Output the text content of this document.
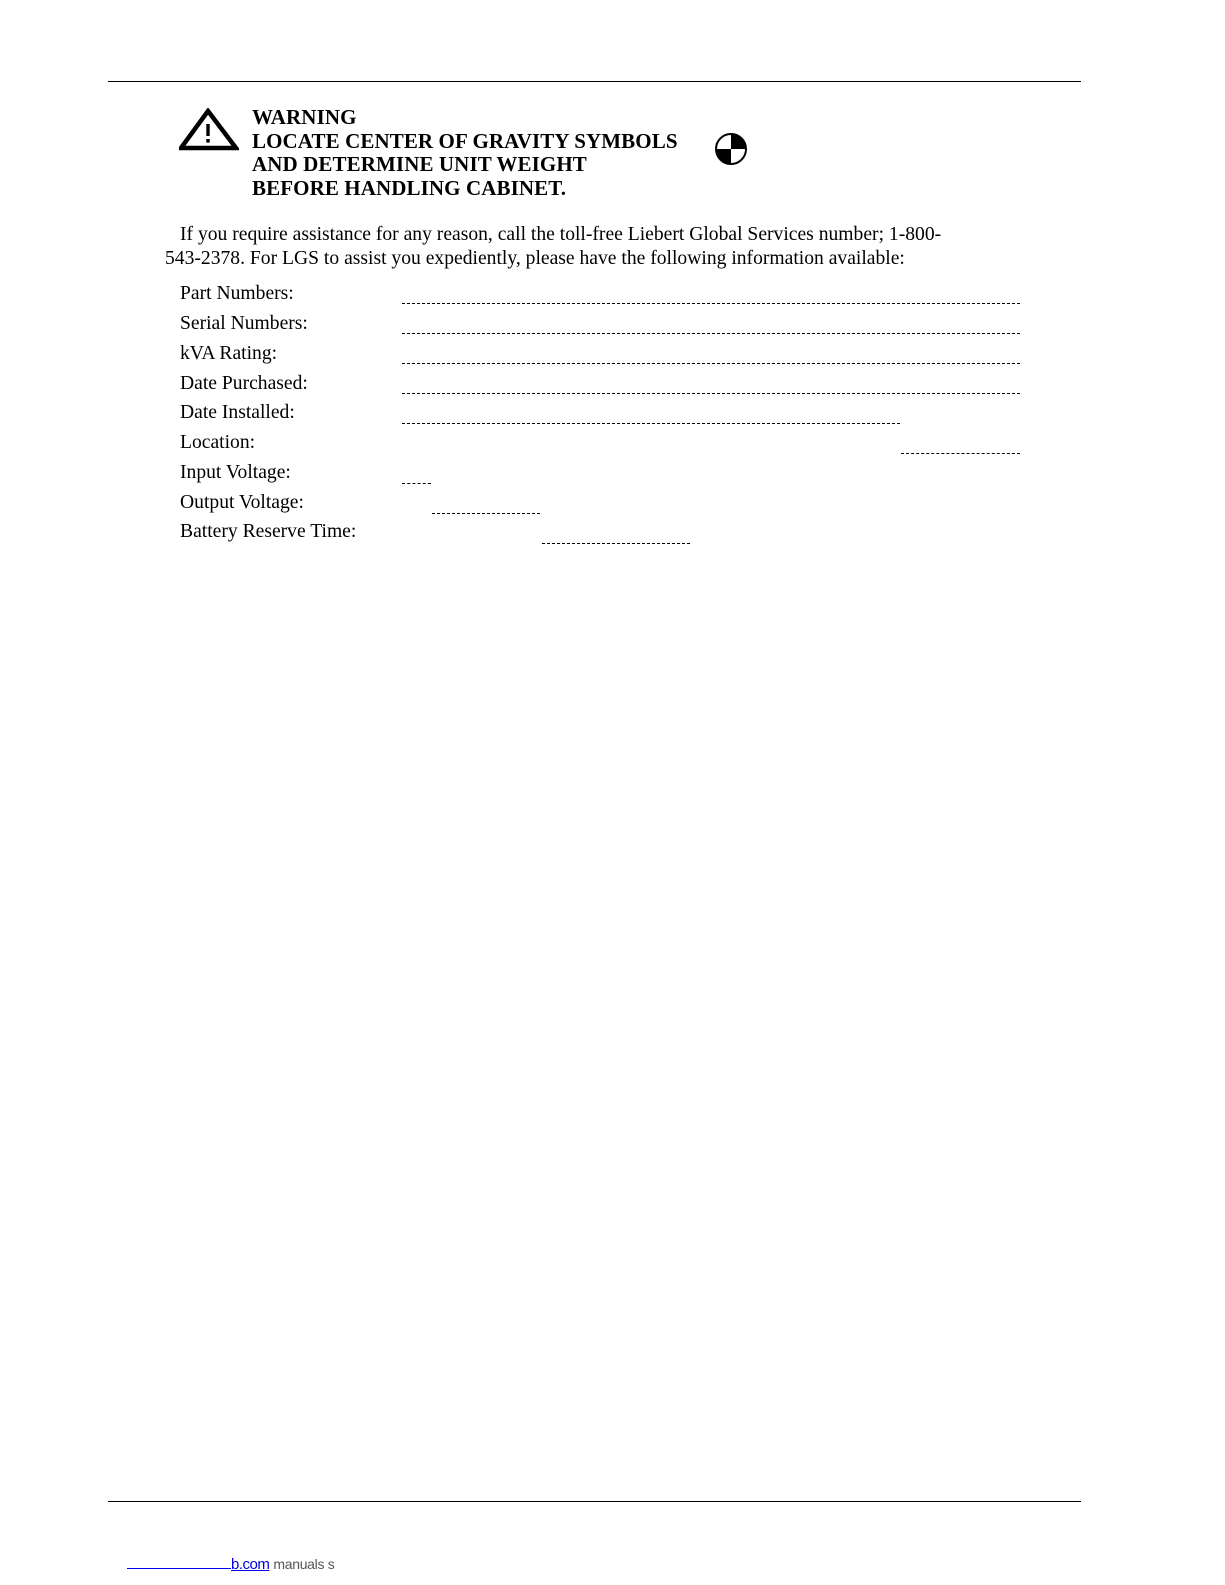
WARNING
LOCATE CENTER OF GRAVITY SYMBOLS
AND DETERMINE UNIT WEIGHT
BEFORE HANDLING CABINET.
If you require assistance for any reason, call the toll-free Liebert Global Services number; 1-800-
543-2378. For LGS to assist you expediently, please have the following information available:
Part Numbers:
Serial Numbers:
kVA Rating:
Date Purchased:
Date Installed:
Location:
Input Voltage:
Output Voltage:
Battery Reserve Time:
b.com manuals s
